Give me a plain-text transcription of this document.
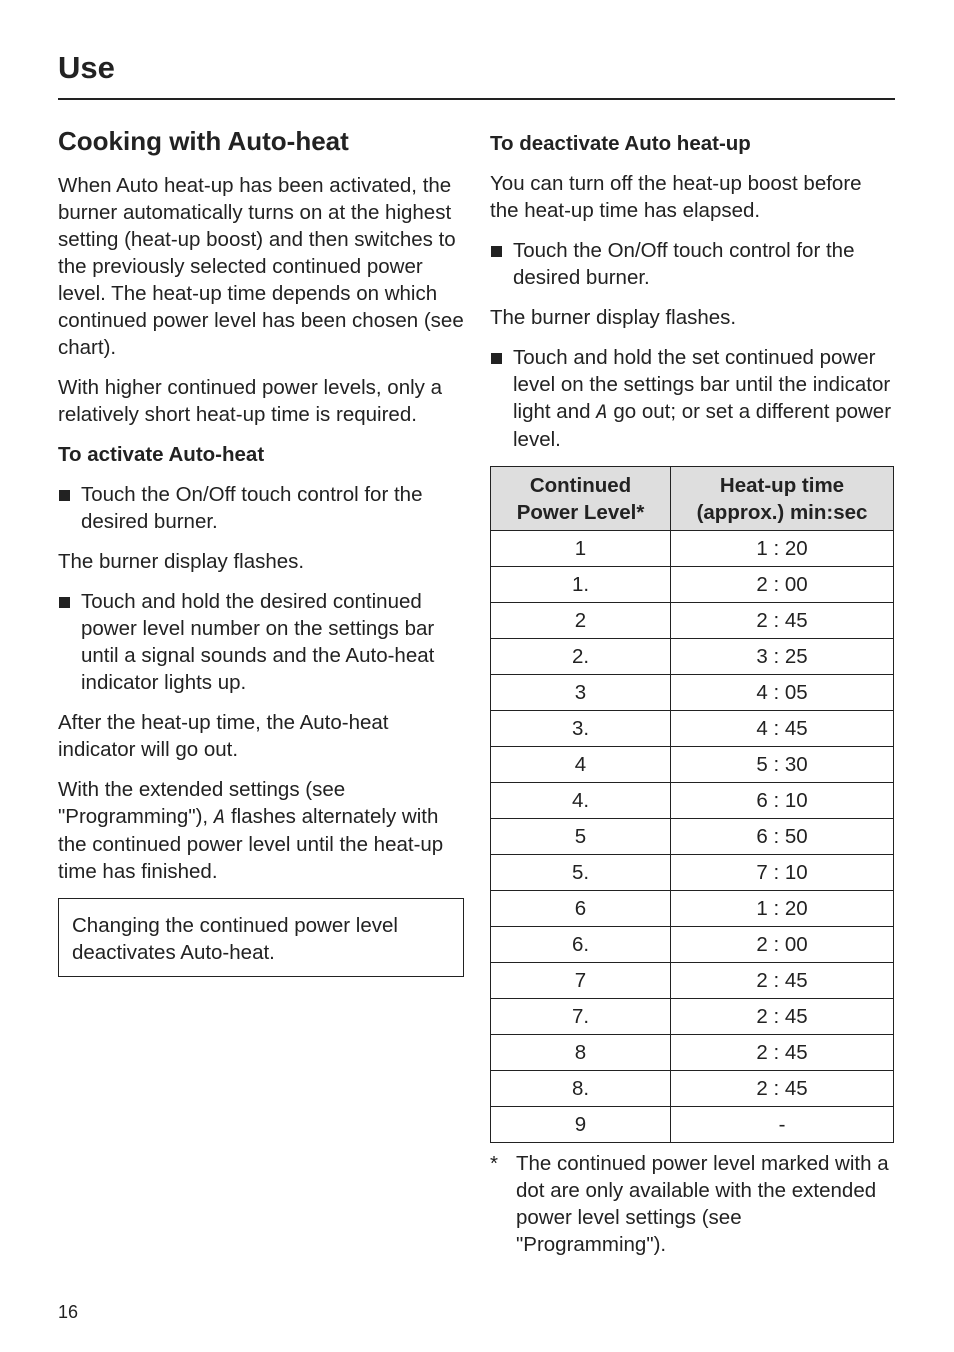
Use
Cooking with Auto-heat

When Auto heat-up has been activated, the burner automatically turns on at the highest setting (heat-up boost) and then switches to the previously selected continued power level. The heat-up time depends on which continued power level has been chosen (see chart).

With higher continued power levels, only a relatively short heat-up time is required.

To activate Auto-heat
Touch the On/Off touch control for the desired burner.

The burner display flashes.

Touch and hold the desired continued power level number on the settings bar until a signal sounds and the Auto-heat indicator lights up.

After the heat-up time, the Auto-heat indicator will go out.

With the extended settings (see "Programming"), A flashes alternately with the continued power level until the heat-up time has finished.

Changing the continued power level deactivates Auto-heat.
To deactivate Auto heat-up

You can turn off the heat-up boost before the heat-up time has elapsed.

Touch the On/Off touch control for the desired burner.

The burner display flashes.

Touch and hold the set continued power level on the settings bar until the indicator light and A go out; or set a different power level.
Continued
Power Level*	Heat-up time
(approx.) min:sec
1	1 : 20
1.	2 : 00
2	2 : 45
2.	3 : 25
3	4 : 05
3.	4 : 45
4	5 : 30
4.	6 : 10
5	6 : 50
5.	7 : 10
6	1 : 20
6.	2 : 00
7	2 : 45
7.	2 : 45
8	2 : 45
8.	2 : 45
9	-
* The continued power level marked with a dot are only available with the extended power level settings (see "Programming").
16
